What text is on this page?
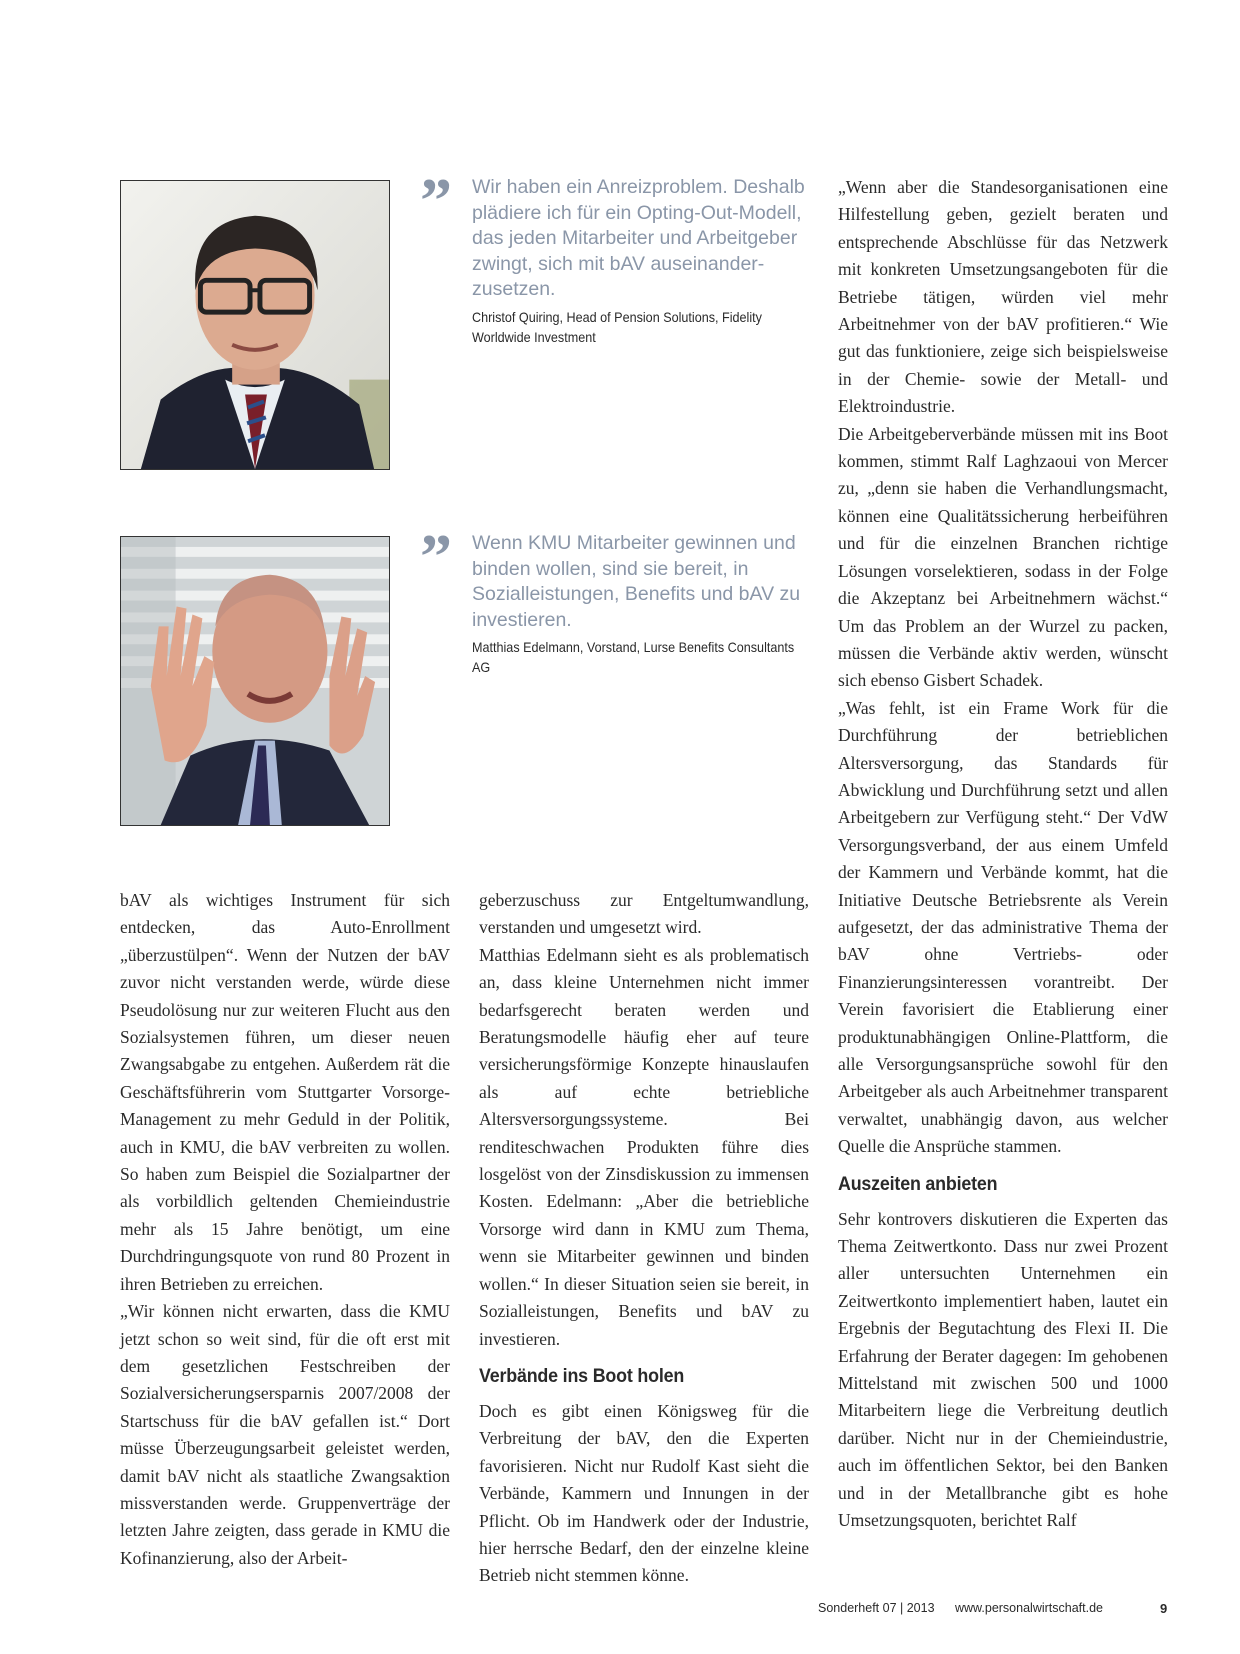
” Wir haben ein Anreizproblem. Deshalb plädiere ich für ein Opting-Out-Modell, das jeden Mitarbeiter und Arbeitgeber zwingt, sich mit bAV auseinander-zusetzen.
Christof Quiring, Head of Pension Solutions, Fidelity Worldwide Investment
” Wenn KMU Mitarbeiter gewinnen und binden wollen, sind sie bereit, in Sozialleistungen, Benefits und bAV zu investieren.
Matthias Edelmann, Vorstand, Lurse Benefits Consultants AG

bAV als wichtiges Instrument für sich entdecken, das Auto-Enrollment „überzustülpen“. Wenn der Nutzen der bAV zuvor nicht verstanden werde, würde diese Pseudolösung nur zur weiteren Flucht aus den Sozialsystemen führen, um dieser neuen Zwangsabgabe zu entgehen. Außerdem rät die Geschäftsführerin vom Stuttgarter Vorsorge-Management zu mehr Geduld in der Politik, auch in KMU, die bAV verbreiten zu wollen. So haben zum Beispiel die Sozialpartner der als vorbildlich geltenden Chemieindustrie mehr als 15 Jahre benötigt, um eine Durchdringungsquote von rund 80 Prozent in ihren Betrieben zu erreichen.

„Wir können nicht erwarten, dass die KMU jetzt schon so weit sind, für die oft erst mit dem gesetzlichen Festschreiben der Sozialversicherungsersparnis 2007/2008 der Startschuss für die bAV gefallen ist.“ Dort müsse Überzeugungsarbeit geleistet werden, damit bAV nicht als staatliche Zwangsaktion missverstanden werde. Gruppenverträge der letzten Jahre zeigten, dass gerade in KMU die Kofinanzierung, also der Arbeit-

geberzuschuss zur Entgeltumwandlung, verstanden und umgesetzt wird.

Matthias Edelmann sieht es als problematisch an, dass kleine Unternehmen nicht immer bedarfsgerecht beraten werden und Beratungsmodelle häufig eher auf teure versicherungsförmige Konzepte hinauslaufen als auf echte betriebliche Altersversorgungssysteme. Bei renditeschwachen Produkten führe dies losgelöst von der Zinsdiskussion zu immensen Kosten. Edelmann: „Aber die betriebliche Vorsorge wird dann in KMU zum Thema, wenn sie Mitarbeiter gewinnen und binden wollen.“ In dieser Situation seien sie bereit, in Sozialleistungen, Benefits und bAV zu investieren.

Verbände ins Boot holen

Doch es gibt einen Königsweg für die Verbreitung der bAV, den die Experten favorisieren. Nicht nur Rudolf Kast sieht die Verbände, Kammern und Innungen in der Pflicht. Ob im Handwerk oder der Industrie, hier herrsche Bedarf, den der einzelne kleine Betrieb nicht stemmen könne.

„Wenn aber die Standesorganisationen eine Hilfestellung geben, gezielt beraten und entsprechende Abschlüsse für das Netzwerk mit konkreten Umsetzungsangeboten für die Betriebe tätigen, würden viel mehr Arbeitnehmer von der bAV profitieren.“ Wie gut das funktioniere, zeige sich beispielsweise in der Chemie- sowie der Metall- und Elektroindustrie.

Die Arbeitgeberverbände müssen mit ins Boot kommen, stimmt Ralf Laghzaoui von Mercer zu, „denn sie haben die Verhandlungsmacht, können eine Qualitätssicherung herbeiführen und für die einzelnen Branchen richtige Lösungen vorselektieren, sodass in der Folge die Akzeptanz bei Arbeitnehmern wächst.“ Um das Problem an der Wurzel zu packen, müssen die Verbände aktiv werden, wünscht sich ebenso Gisbert Schadek.

„Was fehlt, ist ein Frame Work für die Durchführung der betrieblichen Altersversorgung, das Standards für Abwicklung und Durchführung setzt und allen Arbeitgebern zur Verfügung steht.“ Der VdW Versorgungsverband, der aus einem Umfeld der Kammern und Verbände kommt, hat die Initiative Deutsche Betriebsrente als Verein aufgesetzt, der das administrative Thema der bAV ohne Vertriebs- oder Finanzierungsinteressen vorantreibt. Der Verein favorisiert die Etablierung einer produktunabhängigen Online-Plattform, die alle Versorgungsansprüche sowohl für den Arbeitgeber als auch Arbeitnehmer transparent verwaltet, unabhängig davon, aus welcher Quelle die Ansprüche stammen.

Auszeiten anbieten

Sehr kontrovers diskutieren die Experten das Thema Zeitwertkonto. Dass nur zwei Prozent aller untersuchten Unternehmen ein Zeitwertkonto implementiert haben, lautet ein Ergebnis der Begutachtung des Flexi II. Die Erfahrung der Berater dagegen: Im gehobenen Mittelstand mit zwischen 500 und 1000 Mitarbeitern liege die Verbreitung deutlich darüber. Nicht nur in der Chemieindustrie, auch im öffentlichen Sektor, bei den Banken und in der Metallbranche gibt es hohe Umsetzungsquoten, berichtet Ralf

Sonderheft 07 | 2013 www.personalwirtschaft.de	9
